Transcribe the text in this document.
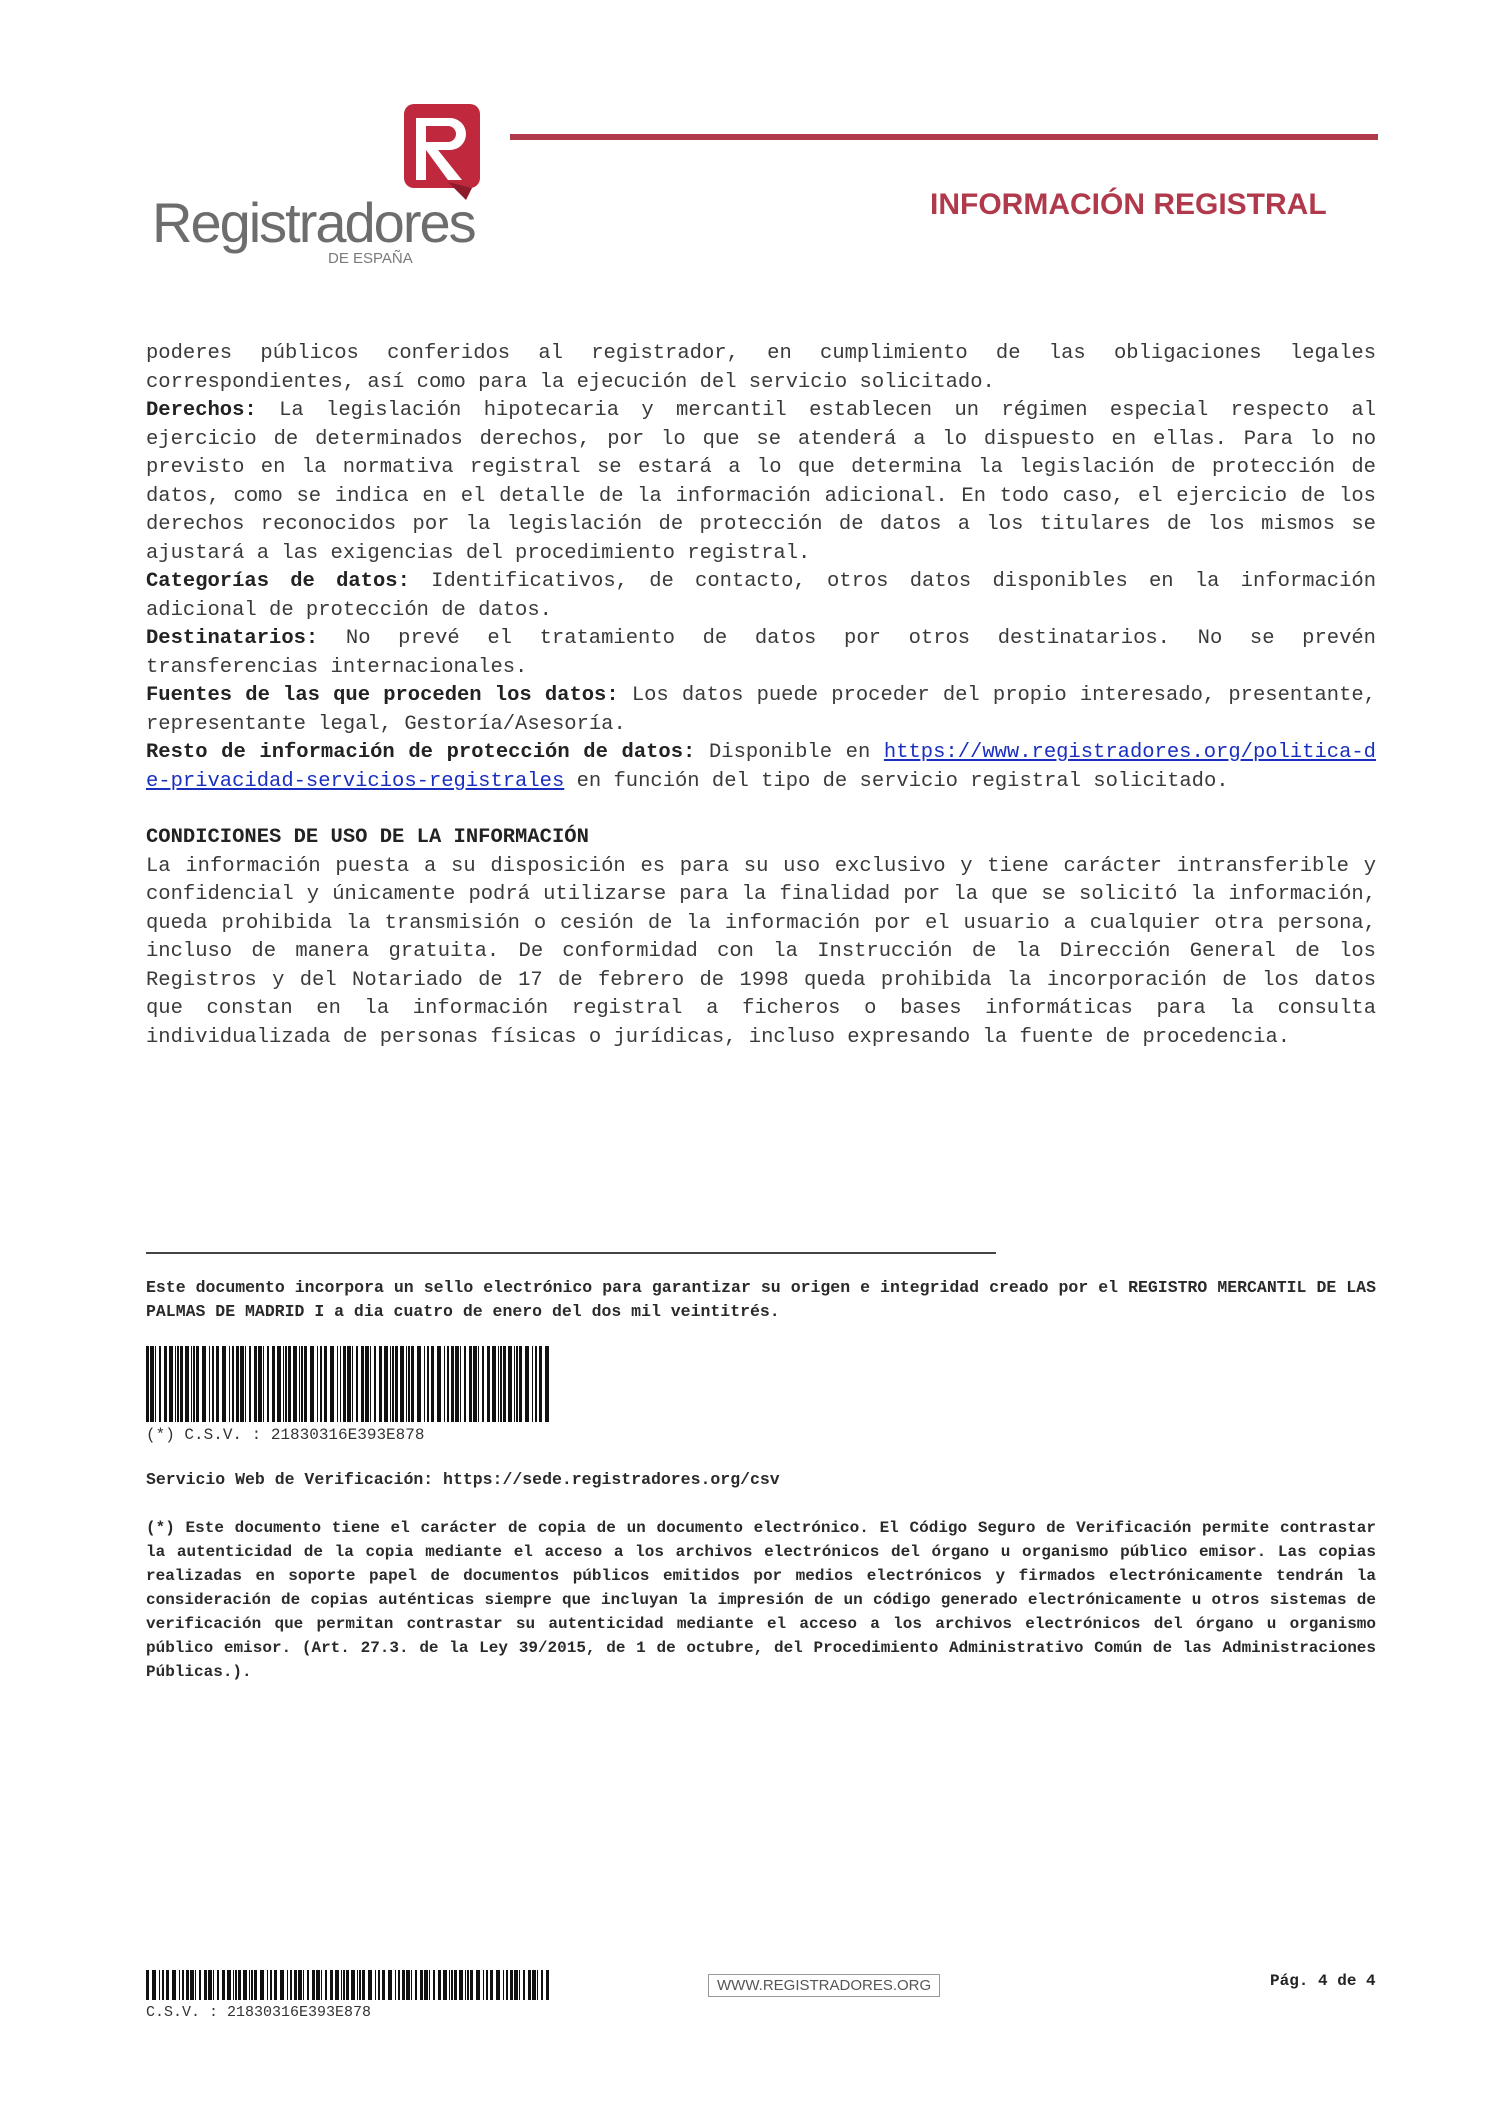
Registradores
DE ESPAÑA
INFORMACIÓN REGISTRAL

poderes públicos conferidos al registrador, en cumplimiento de las obligaciones legales correspondientes, así como para la ejecución del servicio solicitado.

Derechos: La legislación hipotecaria y mercantil establecen un régimen especial respecto al ejercicio de determinados derechos, por lo que se atenderá a lo dispuesto en ellas. Para lo no previsto en la normativa registral se estará a lo que determina la legislación de protección de datos, como se indica en el detalle de la información adicional. En todo caso, el ejercicio de los derechos reconocidos por la legislación de protección de datos a los titulares de los mismos se ajustará a las exigencias del procedimiento registral.

Categorías de datos: Identificativos, de contacto, otros datos disponibles en la información adicional de protección de datos.

Destinatarios: No prevé el tratamiento de datos por otros destinatarios. No se prevén transferencias internacionales.

Fuentes de las que proceden los datos: Los datos puede proceder del propio interesado, presentante, representante legal, Gestoría/Asesoría.

Resto de información de protección de datos: Disponible en https://www.registradores.org/politica-de-privacidad-servicios-registrales en función del tipo de servicio registral solicitado.

CONDICIONES DE USO DE LA INFORMACIÓN

La información puesta a su disposición es para su uso exclusivo y tiene carácter intransferible y confidencial y únicamente podrá utilizarse para la finalidad por la que se solicitó la información, queda prohibida la transmisión o cesión de la información por el usuario a cualquier otra persona, incluso de manera gratuita. De conformidad con la Instrucción de la Dirección General de los Registros y del Notariado de 17 de febrero de 1998 queda prohibida la incorporación de los datos que constan en la información registral a ficheros o bases informáticas para la consulta individualizada de personas físicas o jurídicas, incluso expresando la fuente de procedencia.

Este documento incorpora un sello electrónico para garantizar su origen e integridad creado por el REGISTRO MERCANTIL DE LAS PALMAS DE MADRID I a dia cuatro de enero del dos mil veintitrés.
(*) C.S.V. : 21830316E393E878
Servicio Web de Verificación: https://sede.registradores.org/csv
(*) Este documento tiene el carácter de copia de un documento electrónico. El Código Seguro de Verificación permite contrastar la autenticidad de la copia mediante el acceso a los archivos electrónicos del órgano u organismo público emisor. Las copias realizadas en soporte papel de documentos públicos emitidos por medios electrónicos y firmados electrónicamente tendrán la consideración de copias auténticas siempre que incluyan la impresión de un código generado electrónicamente u otros sistemas de verificación que permitan contrastar su autenticidad mediante el acceso a los archivos electrónicos del órgano u organismo público emisor. (Art. 27.3. de la Ley 39/2015, de 1 de octubre, del Procedimiento Administrativo Común de las Administraciones Públicas.).
C.S.V. : 21830316E393E878
WWW.REGISTRADORES.ORG	Pág. 4 de 4
